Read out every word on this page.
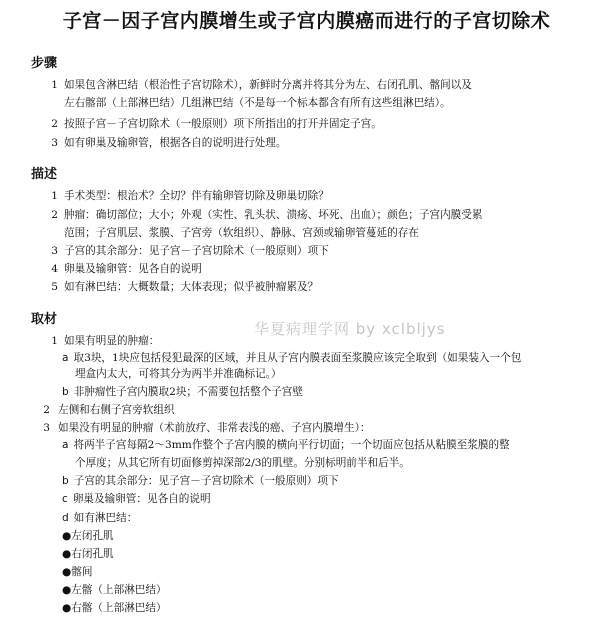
子宫－因子宫内膜增生或子宫内膜癌而进行的子宫切除术
步骤
1 如果包含淋巴结（根治性子宫切除术），新鲜时分离并将其分为左、右闭孔肌、髂间以及
左右髂部（上部淋巴结）几组淋巴结（不是每一个标本都含有所有这些组淋巴结）。
2 按照子宫－子宫切除术（一般原则）项下所指出的打开并固定子宫。
3 如有卵巢及输卵管，根据各自的说明进行处理。
描述
1 手术类型：根治术？全切？伴有输卵管切除及卵巢切除？
2 肿瘤：确切部位；大小；外观（实性、乳头状、溃疡、坏死、出血）；颜色；子宫内膜受累
范围；子宫肌层、浆膜、子宫旁（软组织）、静脉、宫颈或输卵管蔓延的存在
3 子宫的其余部分：见子宫－子宫切除术（一般原则）项下
4 卵巢及输卵管：见各自的说明
5 如有淋巴结：大概数量；大体表现；似乎被肿瘤累及？
取材
华夏病理学网 by xclbljys
1 如果有明显的肿瘤：
a 取3块，1块应包括侵犯最深的区域，并且从子宫内膜表面至浆膜应该完全取到（如果装入一个包
埋盒内太大，可将其分为两半并准确标记。）
b 非肿瘤性子宫内膜取2块；不需要包括整个子宫壁
2 左侧和右侧子宫旁软组织
3 如果没有明显的肿瘤（术前放疗、非常表浅的癌、子宫内膜增生）：
a 将两半子宫每隔2～3mm作整个子宫内膜的横向平行切面；一个切面应包括从粘膜至浆膜的整
个厚度；从其它所有切面修剪掉深部2/3的肌壁。分别标明前半和后半。
b 子宫的其余部分：见子宫－子宫切除术（一般原则）项下
c 卵巢及输卵管：见各自的说明
d 如有淋巴结：
●左闭孔肌
●右闭孔肌
●髂间
●左髂（上部淋巴结）
●右髂（上部淋巴结）
